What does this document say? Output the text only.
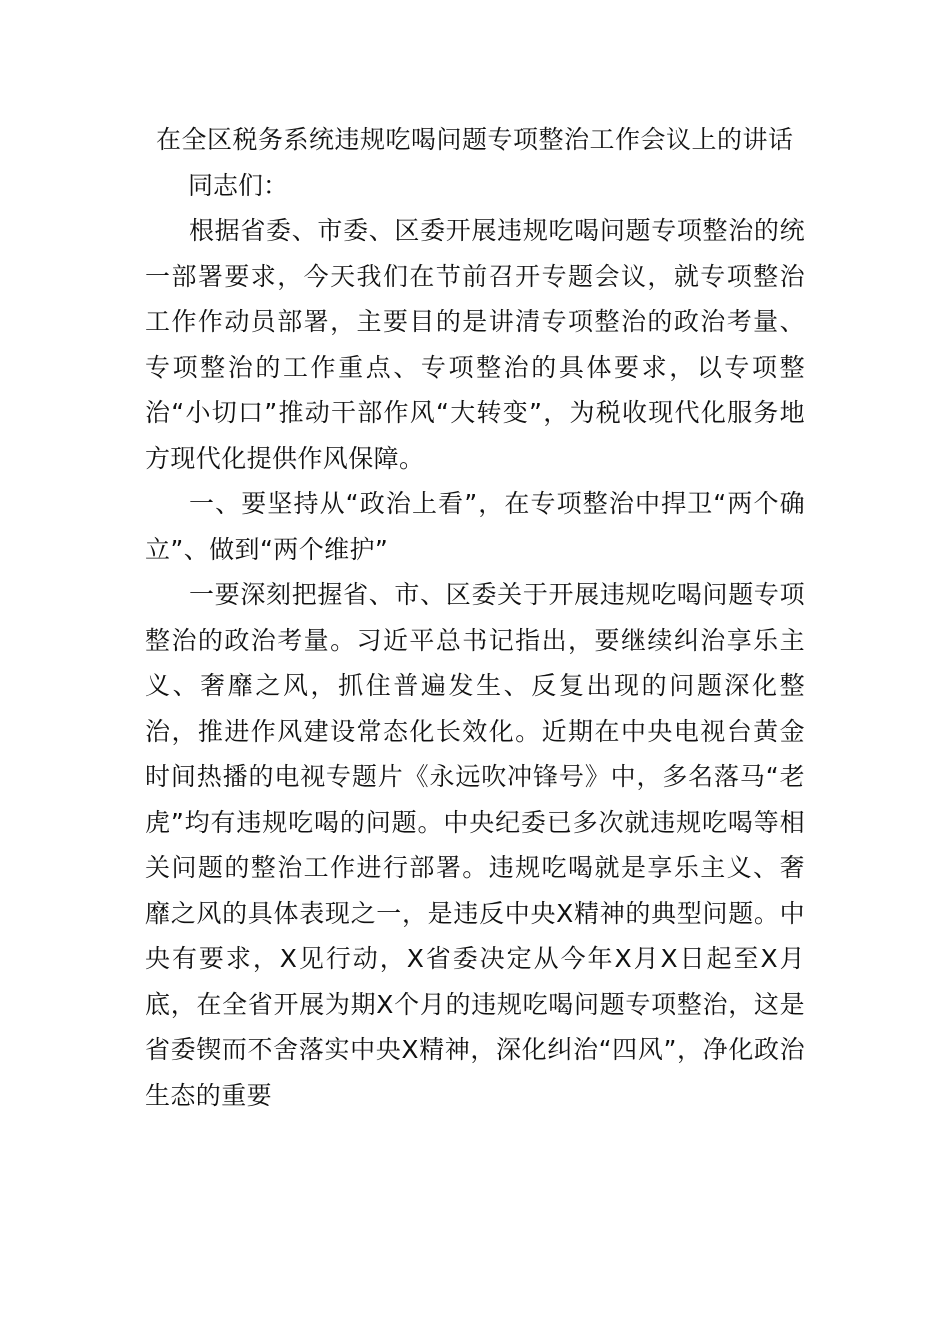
在全区税务系统违规吃喝问题专项整治工作会议上的讲话

同志们：

根据省委、市委、区委开展违规吃喝问题专项整治的统一部署要求，今天我们在节前召开专题会议，就专项整治工作作动员部署，主要目的是讲清专项整治的政治考量、专项整治的工作重点、专项整治的具体要求，以专项整治“小切口”推动干部作风“大转变”，为税收现代化服务地方现代化提供作风保障。

一、要坚持从“政治上看”，在专项整治中捍卫“两个确立”、做到“两个维护”

一要深刻把握省、市、区委关于开展违规吃喝问题专项整治的政治考量。习近平总书记指出，要继续纠治享乐主义、奢靡之风，抓住普遍发生、反复出现的问题深化整治，推进作风建设常态化长效化。近期在中央电视台黄金时间热播的电视专题片《永远吹冲锋号》中，多名落马“老虎”均有违规吃喝的问题。中央纪委已多次就违规吃喝等相关问题的整治工作进行部署。违规吃喝就是享乐主义、奢靡之风的具体表现之一，是违反中央X精神的典型问题。中央有要求，X见行动，X省委决定从今年X月X日起至X月底，在全省开展为期X个月的违规吃喝问题专项整治，这是省委锲而不舍落实中央X精神，深化纠治“四风”，净化政治生态的重要
